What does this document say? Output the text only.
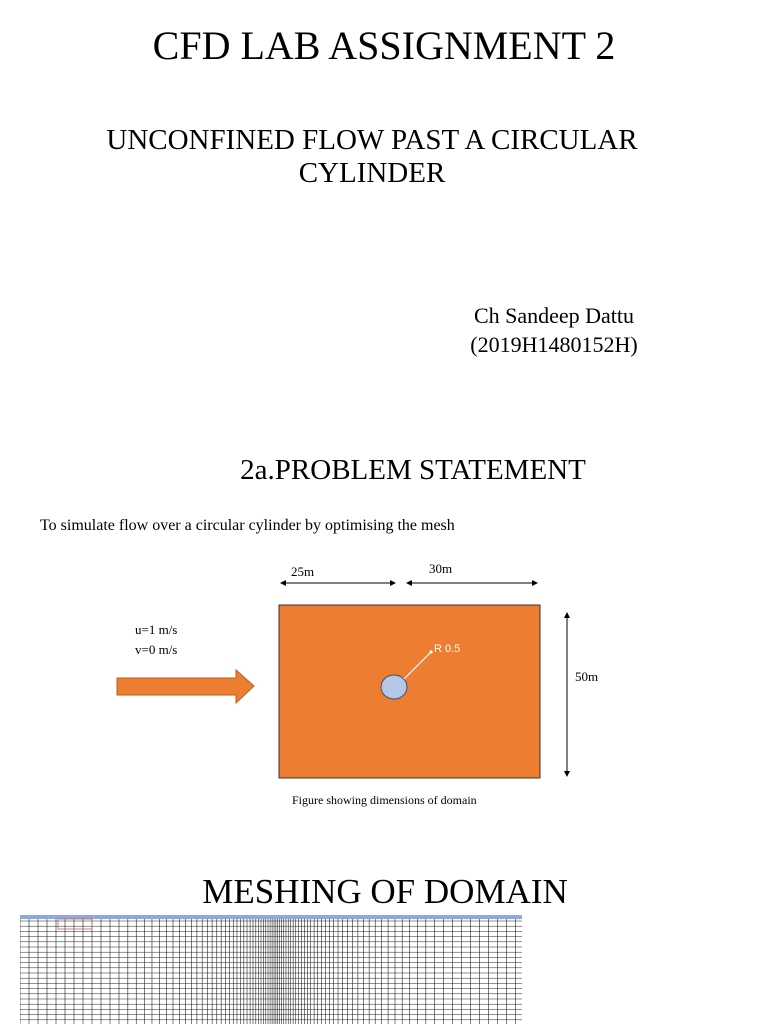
CFD LAB ASSIGNMENT 2
UNCONFINED FLOW PAST A CIRCULAR CYLINDER
Ch Sandeep Dattu
(2019H1480152H)
2a.PROBLEM STATEMENT
To simulate flow over a circular cylinder by optimising the mesh
25m	30m
50m
u=1 m/s
v=0 m/s	R 0.5
Figure showing dimensions of domain
MESHING OF DOMAIN
